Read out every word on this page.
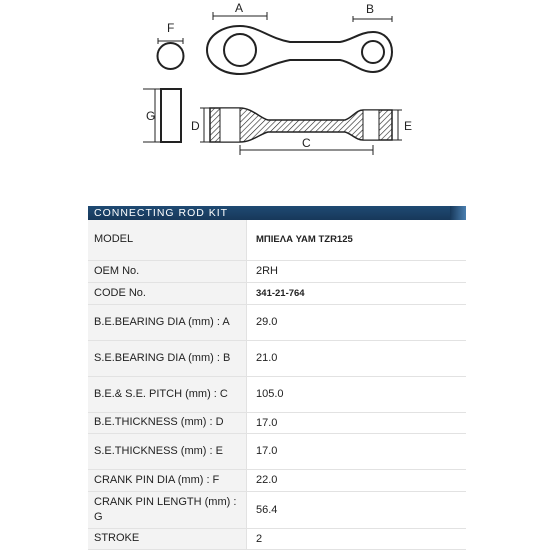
F
G
A	B
D	E
C
CONNECTING ROD KIT
MODEL	ΜΠΙΕΛΑ YAM TZR125
OEM No.	2RH
CODE No.	341-21-764
B.E.BEARING DIA (mm) : A	29.0
S.E.BEARING DIA (mm) : B	21.0
B.E.& S.E. PITCH (mm) : C	105.0
B.E.THICKNESS (mm) : D	17.0
S.E.THICKNESS (mm) : E	17.0
CRANK PIN DIA (mm) : F	22.0
CRANK PIN LENGTH (mm) : G	56.4
STROKE	2
